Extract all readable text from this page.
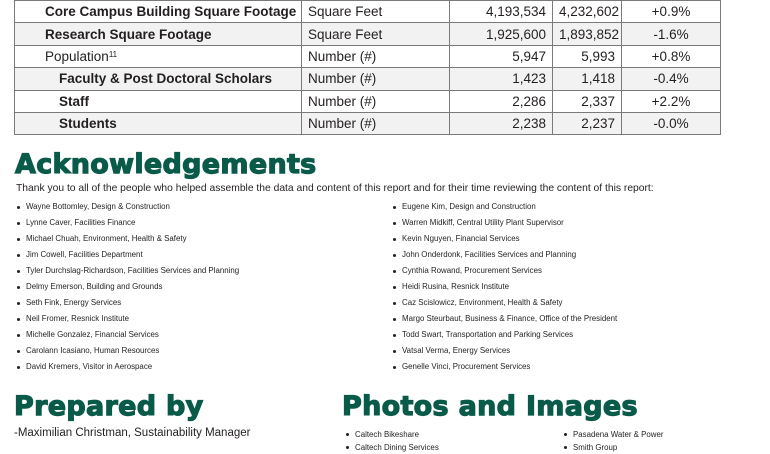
Core Campus Building Square Footage	Square Feet	4,193,534	4,232,602	+0.9%
Research Square Footage	Square Feet	1,925,600	1,893,852	-1.6%
Population$^{11}$	Number (#)	5,947	5,993	+0.8%
Faculty & Post Doctoral Scholars	Number (#)	1,423	1,418	-0.4%
Staff	Number (#)	2,286	2,337	+2.2%
Students	Number (#)	2,238	2,237	-0.0%
Acknowledgements

Thank you to all of the people who helped assemble the data and content of this report and for their time reviewing the content of this report:

Wayne Bottomley, Design & Construction
Lynne Caver, Facilities Finance
Michael Chuah, Environment, Health & Safety
Jim Cowell, Facilities Department
Tyler Durchslag-Richardson, Facilities Services and Planning
Delmy Emerson, Building and Grounds
Seth Fink, Energy Services
Neil Fromer, Resnick Institute
Michelle Gonzalez, Financial Services
Carolann Icasiano, Human Resources
David Kremers, Visitor in Aerospace
Eugene Kim, Design and Construction
Warren Midkiff, Central Utility Plant Supervisor
Kevin Nguyen, Financial Services
John Onderdonk, Facilities Services and Planning
Cynthia Rowand, Procurement Services
Heidi Rusina, Resnick Institute
Caz Scislowicz, Environment, Health & Safety
Margo Steurbaut, Business & Finance, Office of the President
Todd Swart, Transportation and Parking Services
Vatsal Verma, Energy Services
Genelle Vinci, Procurement Services
Prepared by

-Maximilian Christman, Sustainability Manager

Photos and Images
Caltech Bikeshare
Caltech Dining Services
Pasadena Water & Power
Smith Group
